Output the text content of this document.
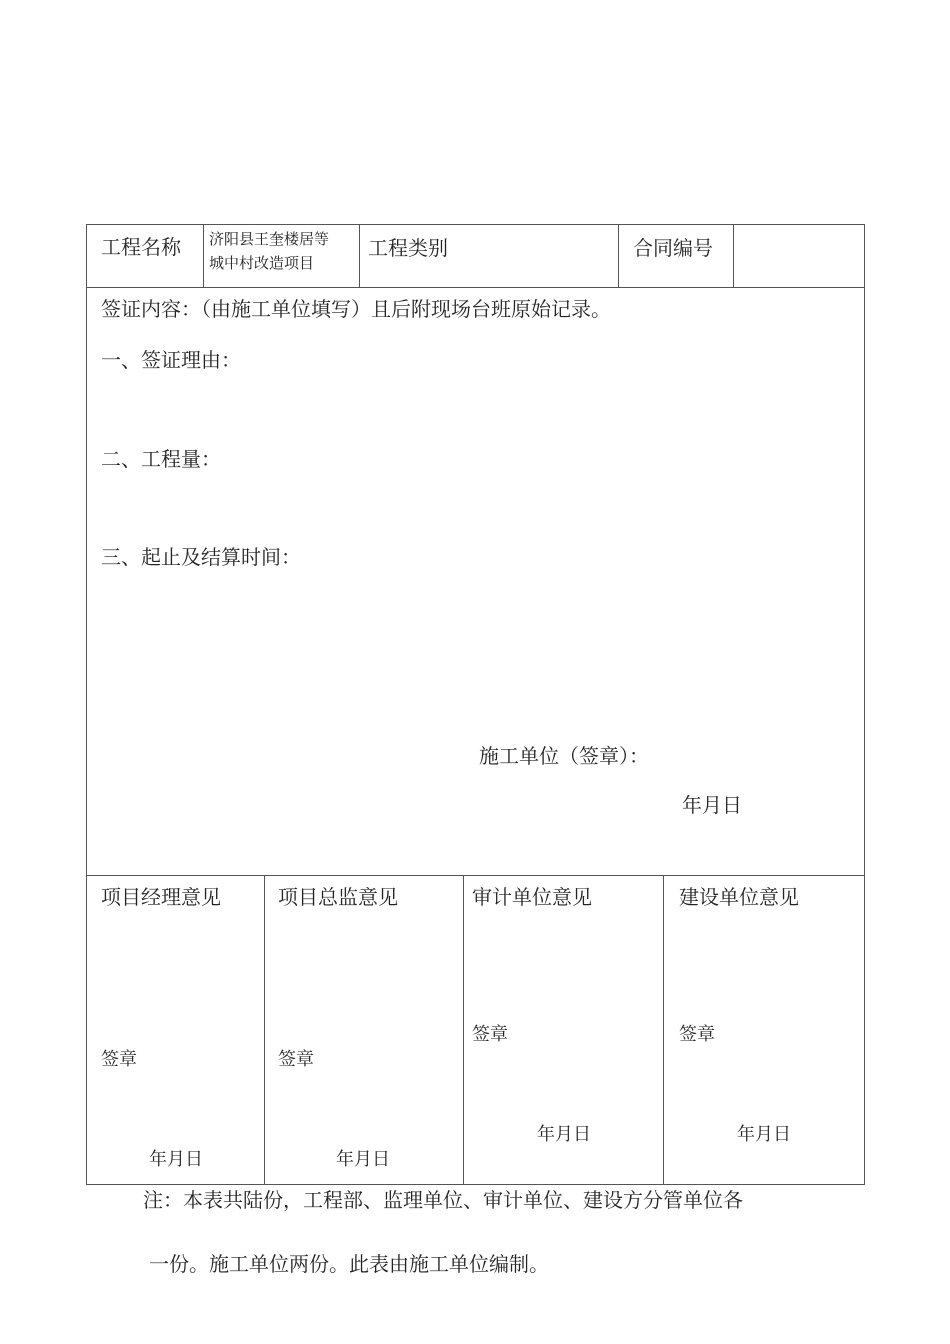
工程名称 济阳县王奎楼居等
城中村改造项目
工程类别	合同编号
签证内容：（由施工单位填写）且后附现场台班原始记录。
一、签证理由：
二、工程量：
三、起止及结算时间：
施工单位（签章）：
年月日
项目经理意见
签章
年月日
项目总监意见
签章
年月日
审计单位意见
签章
年月日
建设单位意见
签章
年月日
注：本表共陆份，工程部、监理单位、审计单位、建设方分管单位各
一份。施工单位两份。此表由施工单位编制。
